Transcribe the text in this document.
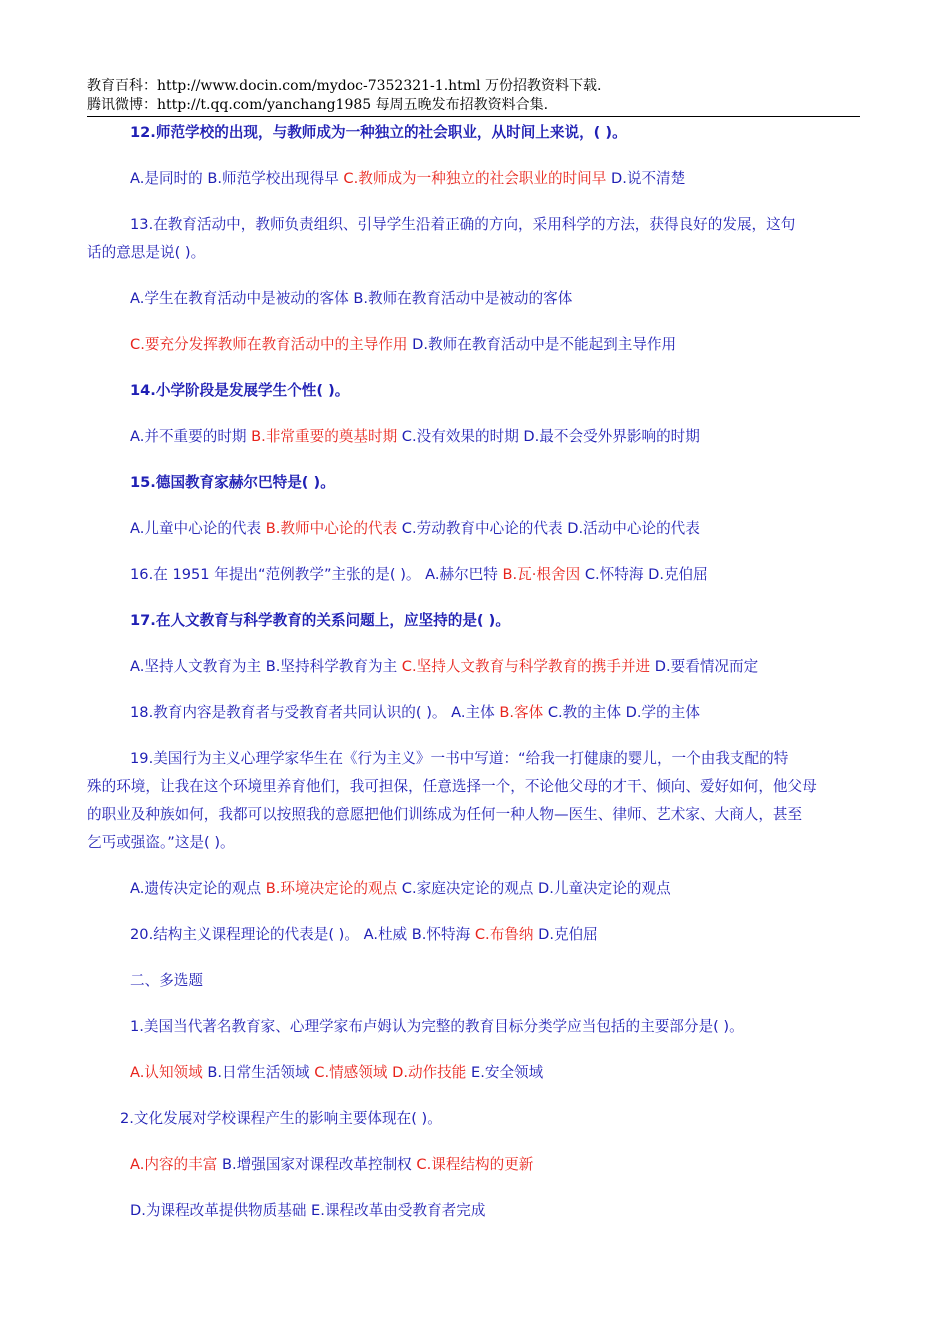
教育百科：http://www.docin.com/mydoc-7352321-1.html 万份招教资料下载.
腾讯微博：http://t.qq.com/yanchang1985 每周五晚发布招教资料合集.
12.师范学校的出现，与教师成为一种独立的社会职业，从时间上来说，( )。
A.是同时的 B.师范学校出现得早 C.教师成为一种独立的社会职业的时间早 D.说不清楚
13.在教育活动中，教师负责组织、引导学生沿着正确的方向，采用科学的方法，获得良好的发展，这句
话的意思是说( )。
A.学生在教育活动中是被动的客体 B.教师在教育活动中是被动的客体
C.要充分发挥教师在教育活动中的主导作用 D.教师在教育活动中是不能起到主导作用
14.小学阶段是发展学生个性( )。
A.并不重要的时期 B.非常重要的奠基时期 C.没有效果的时期 D.最不会受外界影响的时期
15.德国教育家赫尔巴特是( )。
A.儿童中心论的代表 B.教师中心论的代表 C.劳动教育中心论的代表 D.活动中心论的代表
16.在 1951 年提出“范例教学”主张的是( )。 A.赫尔巴特 B.瓦·根舍因 C.怀特海 D.克伯屈
17.在人文教育与科学教育的关系问题上，应坚持的是( )。
A.坚持人文教育为主 B.坚持科学教育为主 C.坚持人文教育与科学教育的携手并进 D.要看情况而定
18.教育内容是教育者与受教育者共同认识的( )。 A.主体 B.客体 C.教的主体 D.学的主体
19.美国行为主义心理学家华生在《行为主义》一书中写道：“给我一打健康的婴儿，一个由我支配的特
殊的环境，让我在这个环境里养育他们，我可担保，任意选择一个，不论他父母的才干、倾向、爱好如何，他父母
的职业及种族如何，我都可以按照我的意愿把他们训练成为任何一种人物—医生、律师、艺术家、大商人，甚至
乞丐或强盗。”这是( )。
A.遗传决定论的观点 B.环境决定论的观点 C.家庭决定论的观点 D.儿童决定论的观点
20.结构主义课程理论的代表是( )。 A.杜威 B.怀特海 C.布鲁纳 D.克伯屈
二、多选题
1.美国当代著名教育家、心理学家布卢姆认为完整的教育目标分类学应当包括的主要部分是( )。
A.认知领域 B.日常生活领域 C.情感领域 D.动作技能 E.安全领域
2.文化发展对学校课程产生的影响主要体现在( )。
A.内容的丰富 B.增强国家对课程改革控制权 C.课程结构的更新
D.为课程改革提供物质基础 E.课程改革由受教育者完成
